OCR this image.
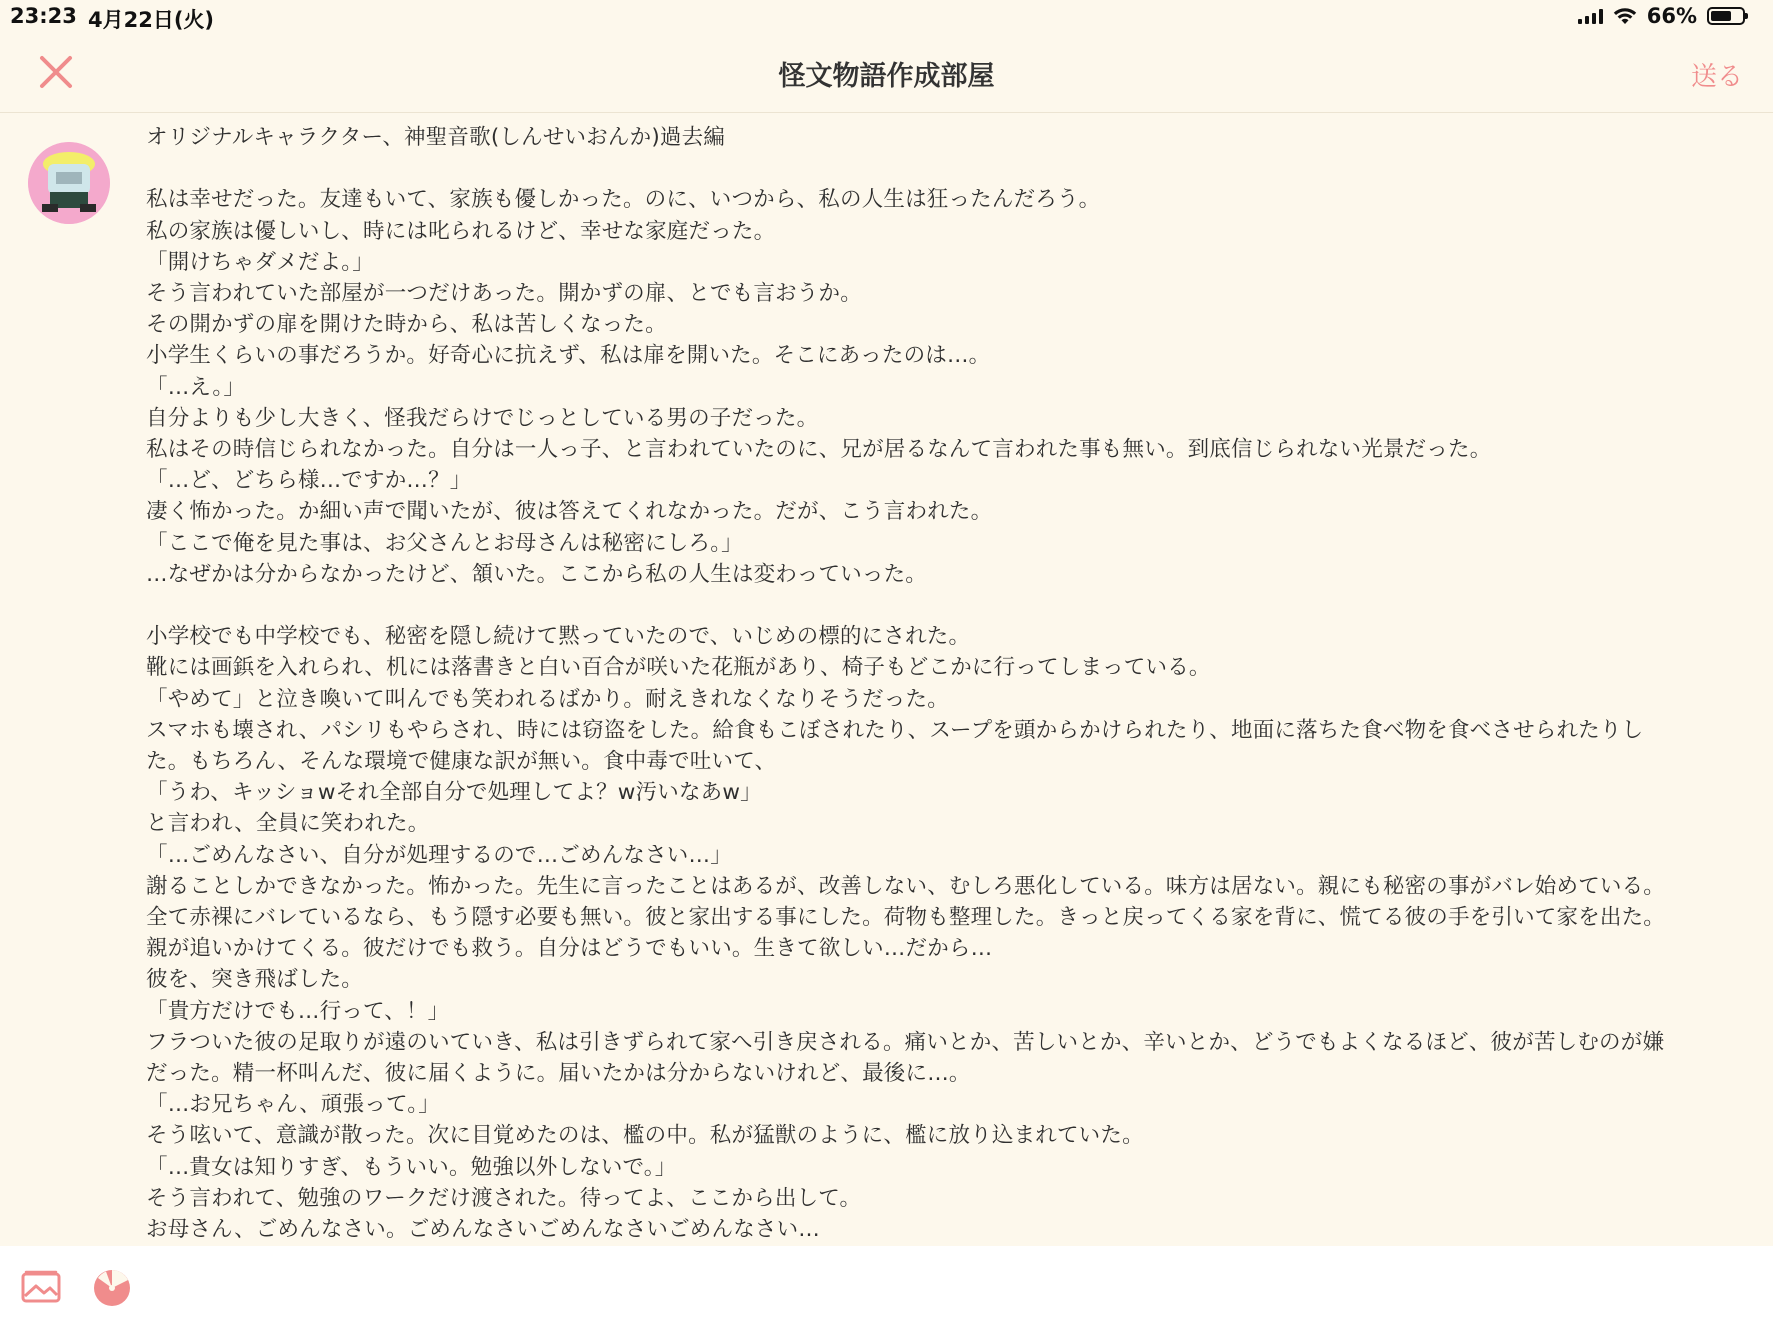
23:23 4月22日(火)	66%
怪文物語作成部屋	送る

オリジナルキャラクター、神聖音歌(しんせいおんか)過去編

私は幸せだった。友達もいて、家族も優しかった。のに、いつから、私の人生は狂ったんだろう。

私の家族は優しいし、時には叱られるけど、幸せな家庭だった。

「開けちゃダメだよ。」

そう言われていた部屋が一つだけあった。開かずの扉、とでも言おうか。

その開かずの扉を開けた時から、私は苦しくなった。

小学生くらいの事だろうか。好奇心に抗えず、私は扉を開いた。そこにあったのは…。

「…え。」

自分よりも少し大きく、怪我だらけでじっとしている男の子だった。

私はその時信じられなかった。自分は一人っ子、と言われていたのに、兄が居るなんて言われた事も無い。到底信じられない光景だった。

「…ど、どちら様…ですか…？」

凄く怖かった。か細い声で聞いたが、彼は答えてくれなかった。だが、こう言われた。

「ここで俺を見た事は、お父さんとお母さんは秘密にしろ。」

…なぜかは分からなかったけど、頷いた。ここから私の人生は変わっていった。

小学校でも中学校でも、秘密を隠し続けて黙っていたので、いじめの標的にされた。

靴には画鋲を入れられ、机には落書きと白い百合が咲いた花瓶があり、椅子もどこかに行ってしまっている。

「やめて」と泣き喚いて叫んでも笑われるばかり。耐えきれなくなりそうだった。

スマホも壊され、パシリもやらされ、時には窃盗をした。給食もこぼされたり、スープを頭からかけられたり、地面に落ちた食べ物を食べさせられたりし

た。もちろん、そんな環境で健康な訳が無い。食中毒で吐いて、

「うわ、キッショwそれ全部自分で処理してよ？w汚いなあw」

と言われ、全員に笑われた。

「…ごめんなさい、自分が処理するので…ごめんなさい…」

謝ることしかできなかった。怖かった。先生に言ったことはあるが、改善しない、むしろ悪化している。味方は居ない。親にも秘密の事がバレ始めている。

全て赤裸にバレているなら、もう隠す必要も無い。彼と家出する事にした。荷物も整理した。きっと戻ってくる家を背に、慌てる彼の手を引いて家を出た。

親が追いかけてくる。彼だけでも救う。自分はどうでもいい。生きて欲しい…だから…

彼を、突き飛ばした。

「貴方だけでも…行って、！」

フラついた彼の足取りが遠のいていき、私は引きずられて家へ引き戻される。痛いとか、苦しいとか、辛いとか、どうでもよくなるほど、彼が苦しむのが嫌

だった。精一杯叫んだ、彼に届くように。届いたかは分からないけれど、最後に…。

「…お兄ちゃん、頑張って。」

そう呟いて、意識が散った。次に目覚めたのは、檻の中。私が猛獣のように、檻に放り込まれていた。

「…貴女は知りすぎ、もういい。勉強以外しないで。」

そう言われて、勉強のワークだけ渡された。待ってよ、ここから出して。

お母さん、ごめんなさい。ごめんなさいごめんなさいごめんなさい…
